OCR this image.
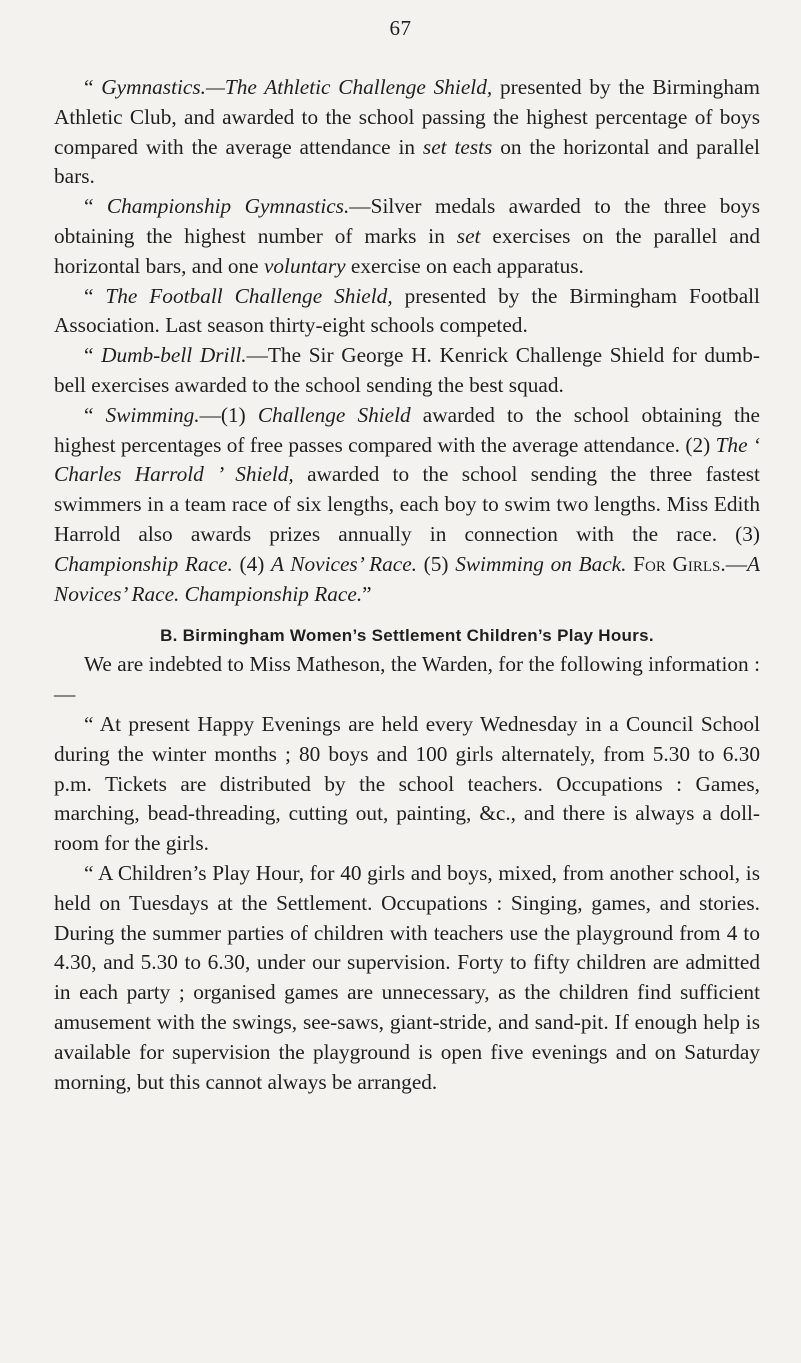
67

“ Gymnastics.—The Athletic Challenge Shield, presented by the Birmingham Athletic Club, and awarded to the school passing the highest percentage of boys compared with the average attendance in set tests on the horizontal and parallel bars.

“ Championship Gymnastics.—Silver medals awarded to the three boys obtaining the highest number of marks in set exercises on the parallel and horizontal bars, and one voluntary exercise on each apparatus.

“ The Football Challenge Shield, presented by the Birmingham Football Association. Last season thirty-eight schools competed.

“ Dumb-bell Drill.—The Sir George H. Kenrick Challenge Shield for dumb-bell exercises awarded to the school sending the best squad.

“ Swimming.—(1) Challenge Shield awarded to the school obtaining the highest percentages of free passes compared with the average attendance. (2) The ‘ Charles Harrold ’ Shield, awarded to the school sending the three fastest swimmers in a team race of six lengths, each boy to swim two lengths. Miss Edith Harrold also awards prizes annually in connection with the race. (3) Championship Race. (4) A Novices’ Race. (5) Swimming on Back. For Girls.—A Novices’ Race. Championship Race.”

B. Birmingham Women’s Settlement Children’s Play Hours.

We are indebted to Miss Matheson, the Warden, for the following information :—

“ At present Happy Evenings are held every Wednesday in a Council School during the winter months ; 80 boys and 100 girls alternately, from 5.30 to 6.30 p.m. Tickets are distributed by the school teachers. Occupations : Games, marching, bead-threading, cutting out, painting, &c., and there is always a doll-room for the girls.

“ A Children’s Play Hour, for 40 girls and boys, mixed, from another school, is held on Tuesdays at the Settlement. Occupations : Singing, games, and stories. During the summer parties of children with teachers use the playground from 4 to 4.30, and 5.30 to 6.30, under our supervision. Forty to fifty children are admitted in each party ; organised games are unnecessary, as the children find sufficient amusement with the swings, see-saws, giant-stride, and sand-pit. If enough help is available for supervision the playground is open five evenings and on Saturday morning, but this cannot always be arranged.
